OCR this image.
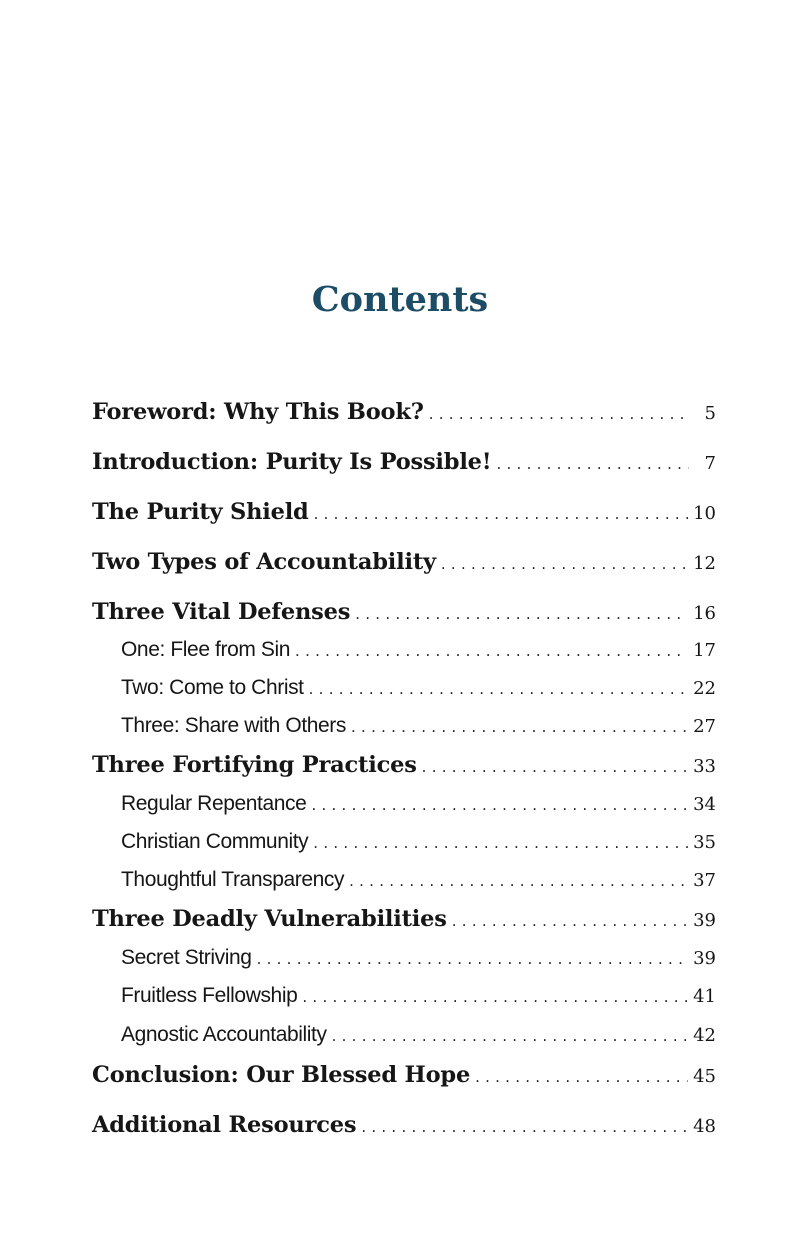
Contents
Foreword: Why This Book? . . .	5
Introduction: Purity Is Possible! . . .	7
The Purity Shield . . .	10
Two Types of Accountability . . .	12
Three Vital Defenses . . .	16
One: Flee from Sin . . .	17
Two: Come to Christ . . .	22
Three: Share with Others . . .	27
Three Fortifying Practices . . .	33
Regular Repentance . . .	34
Christian Community . . .	35
Thoughtful Transparency . . .	37
Three Deadly Vulnerabilities . . .	39
Secret Striving . . .	39
Fruitless Fellowship . . .	41
Agnostic Accountability . . .	42
Conclusion: Our Blessed Hope . . .	45
Additional Resources . . .	48
